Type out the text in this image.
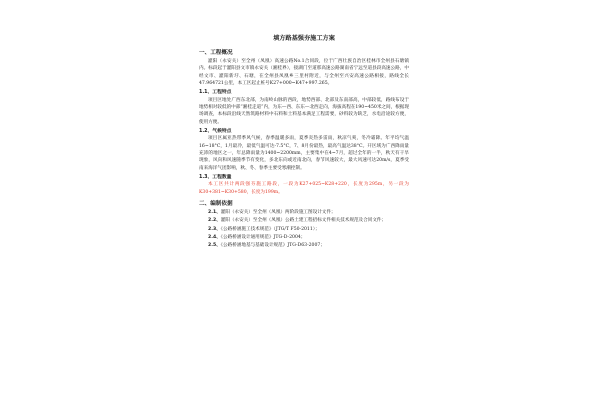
填方路基强夯施工方案
一、工程概况

灌阳（永安关）至全州（凤凰）高速公路No.1合同段，位于广西壮族自治区桂林市全州县石塘镇内。标段起于灌阳县文市镇永安关（湘桂界），接湖门至道那高速公路湖南省宁远至道县段高速公路，中经文市、灌阳新圩、石塘，在全州县凤凰乡三里村附近，与全州至兴安高速公路相接，路线全长47.964721公里，本工区起止桩号K27+000~K47+997.265。

1.1、工程特点

项目区地处广西东北部，为南岭山脉的西段，地势西部、北部及东南部高，中部较低，路线布设于地势相对较低的中部“湘桂走道”内，为东—西、东东—北西走向，海拔高程在190~450米之间，根据现场调查，本标段沿线天然筑路材料中石料和土料基本满足工程需要，砂料较为缺乏，水电沿途较方便，使用方便。

1.2、气候特点

项目区属亚热带季风气候，春季温暖多雨，夏季炎热多雷雨，秋凉气爽，冬冷霜降。年平均气温16~18°C，1月最冷，最低气温可达-7.5°C，7、8月份最热，最高气温达38°C。开区域为广西降雨量充沛的地区之一，年总降雨量为1400~2200mm，主要集中在4~7月，超过全年的一半，秋天有干旱现象，风向和风速随季节有变化，多北东向或近南北向，春节风速较大，最大风速可达20m/s，夏季受南来海洋气团影响，秋、冬、春季主要受寒潮控制。

1.3、工程数量

本工区共计两段强夯施工路段，一段为K27+025~K28+220，长度为295m，另一段为K30+381~K30+580，长度为199m。

二、编制依据

2.1、灌阳（永安关）至全州（凤凰）两阶段施工图设计文件；

2.2、灌阳（永安关）至全州（凤凰）公路土建工程招标文件相关技术规范及合同文件；

2.3、《公路桥涵施工技术规范》（JTG/T F50-2011）；

2.4、《公路桥涵设计通用规范》JTG-D-2004；

2.5、《公路桥涵地基与基础设计规范》JTG-D63-2007；
